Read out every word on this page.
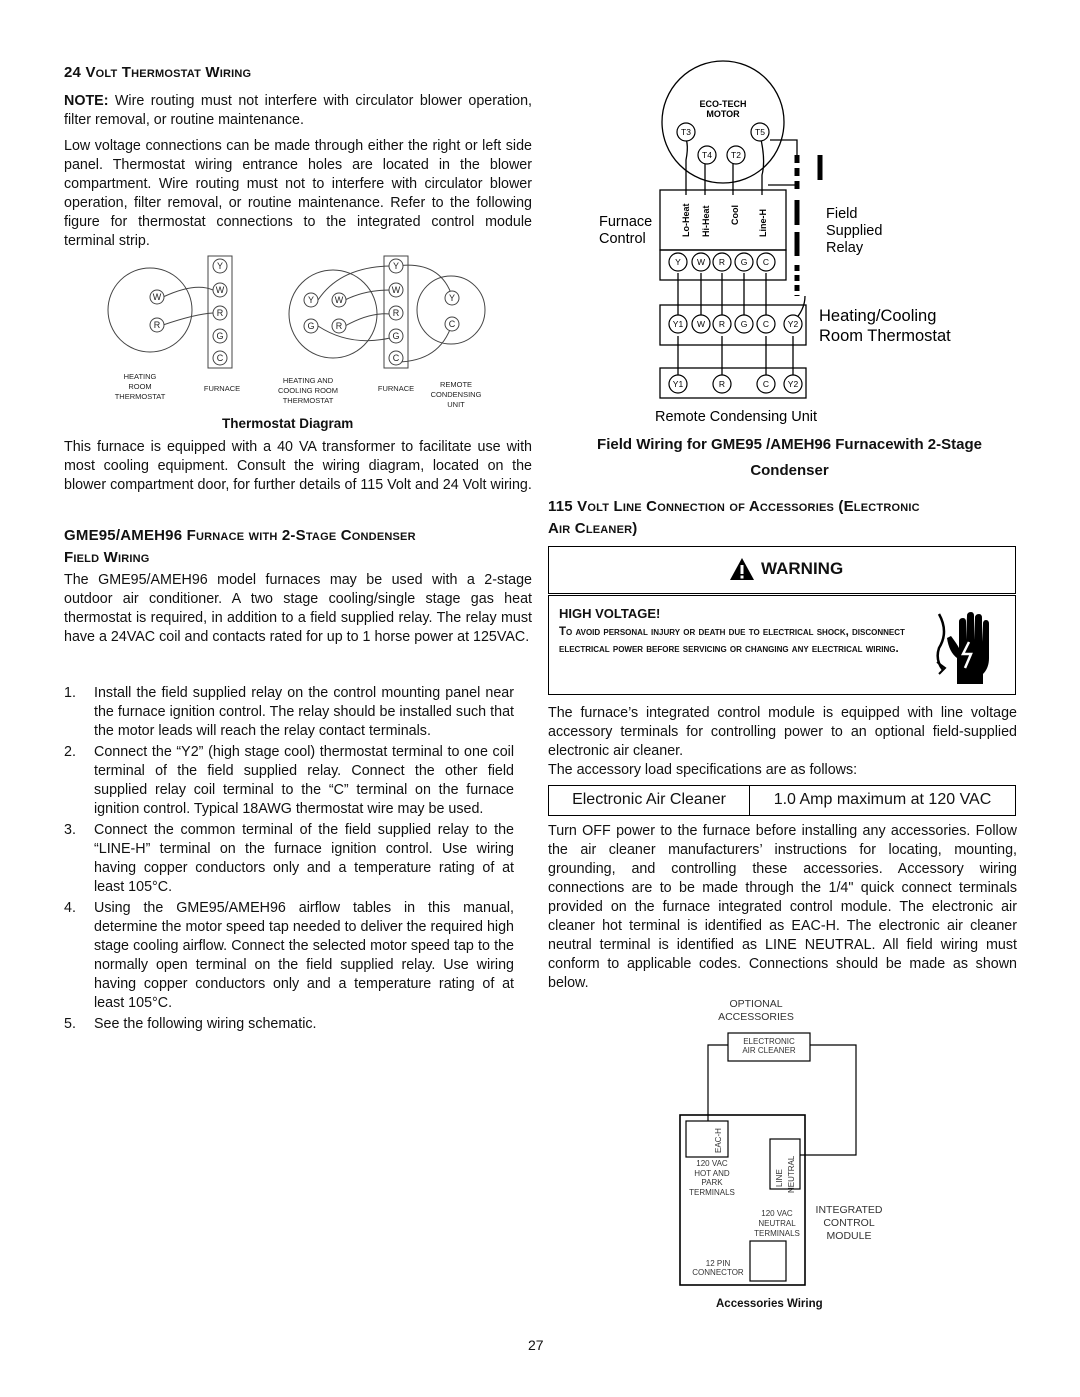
24 Volt Thermostat Wiring

NOTE: Wire routing must not interfere with circulator blower operation, filter removal, or routine maintenance.

Low voltage connections can be made through either the right or left side panel. Thermostat wiring entrance holes are located in the blower compartment. Wire routing must not to interfere with circulator blower operation, filter removal, or routine maintenance. Refer to the following figure for thermostat connections to the integrated control module terminal strip.

Y
W
R
G
C
W
R
Y
W
R
G
C
Y W
G R
Y
C
HEATING
ROOM
THERMOSTAT
FURNACE
HEATING AND
COOLING ROOM
THERMOSTAT
FURNACE	REMOTE
CONDENSING
UNIT
Thermostat Diagram

This furnace is equipped with a 40 VA transformer to facilitate use with most cooling equipment. Consult the wiring diagram, located on the blower compartment door, for further details of 115 Volt and 24 Volt wiring.

GME95/AMEH96 Furnace with 2-Stage Condenser
Field Wiring

The GME95/AMEH96 model furnaces may be used with a 2-stage outdoor air conditioner. A two stage cooling/single stage gas heat thermostat is required, in addition to a field supplied relay. The relay must have a 24VAC coil and contacts rated for up to 1 horse power at 125VAC.

1.	Install the field supplied relay on the control mounting panel near the furnace ignition control. The relay should be installed such that the motor leads will reach the relay contact terminals.
2.	Connect the “Y2” (high stage cool) thermostat terminal to one coil terminal of the field supplied relay. Connect the other field supplied relay coil terminal to the “C” terminal on the furnace ignition control. Typical 18AWG thermostat wire may be used.
3.	Connect the common terminal of the field supplied relay to the “LINE-H” terminal on the furnace ignition control. Use wiring having copper conductors only and a temperature rating of at least 105°C.
4.	Using the GME95/AMEH96 airflow tables in this manual, determine the motor speed tap needed to deliver the required high stage cooling airflow. Connect the selected motor speed tap to the normally open terminal on the field supplied relay. Use wiring having copper conductors only and a temperature rating of at least 105°C.
5.	See the following wiring schematic.
ECO-TECH
MOTOR
T3	T5
T4 T2
Y W R G C
Y1 W R G C Y2
Y1	R	C Y2
Lo-Heat Hi-Heat Cool Line-H
Furnace
Control
Field
Supplied
Relay
Remote Condensing Unit
Heating/Cooling
Room Thermostat
Field Wiring for GME95 /AMEH96 Furnacewith 2-Stage
Condenser
115 Volt Line Connection of Accessories (Electronic
Air Cleaner)
WARNING
HIGH VOLTAGE!
To avoid personal injury or death due to electrical shock, disconnect electrical power before servicing or changing any electrical wiring.

The furnace’s integrated control module is equipped with line voltage accessory terminals for controlling power to an optional field-supplied electronic air cleaner.

The accessory load specifications are as follows:

Electronic Air Cleaner	1.0 Amp maximum at 120 VAC

Turn OFF power to the furnace before installing any accessories. Follow the air cleaner manufacturers’ instructions for locating, mounting, grounding, and controlling these accessories. Accessory wiring connections are to be made through the 1/4" quick connect terminals provided on the furnace integrated control module. The electronic air cleaner hot terminal is identified as EAC-H. The electronic air cleaner neutral terminal is identified as LINE NEUTRAL. All field wiring must conform to applicable codes. Connections should be made as shown below.

OPTIONAL
ACCESSORIES
INTEGRATED
CONTROL
MODULE
ELECTRONIC
AIR CLEANER
120 VAC
HOT AND
PARK
TERMINALS
120 VAC
NEUTRAL
TERMINALS
12 PIN
CONNECTOR
EAC-H
LINE NEUTRAL
Accessories Wiring
27
